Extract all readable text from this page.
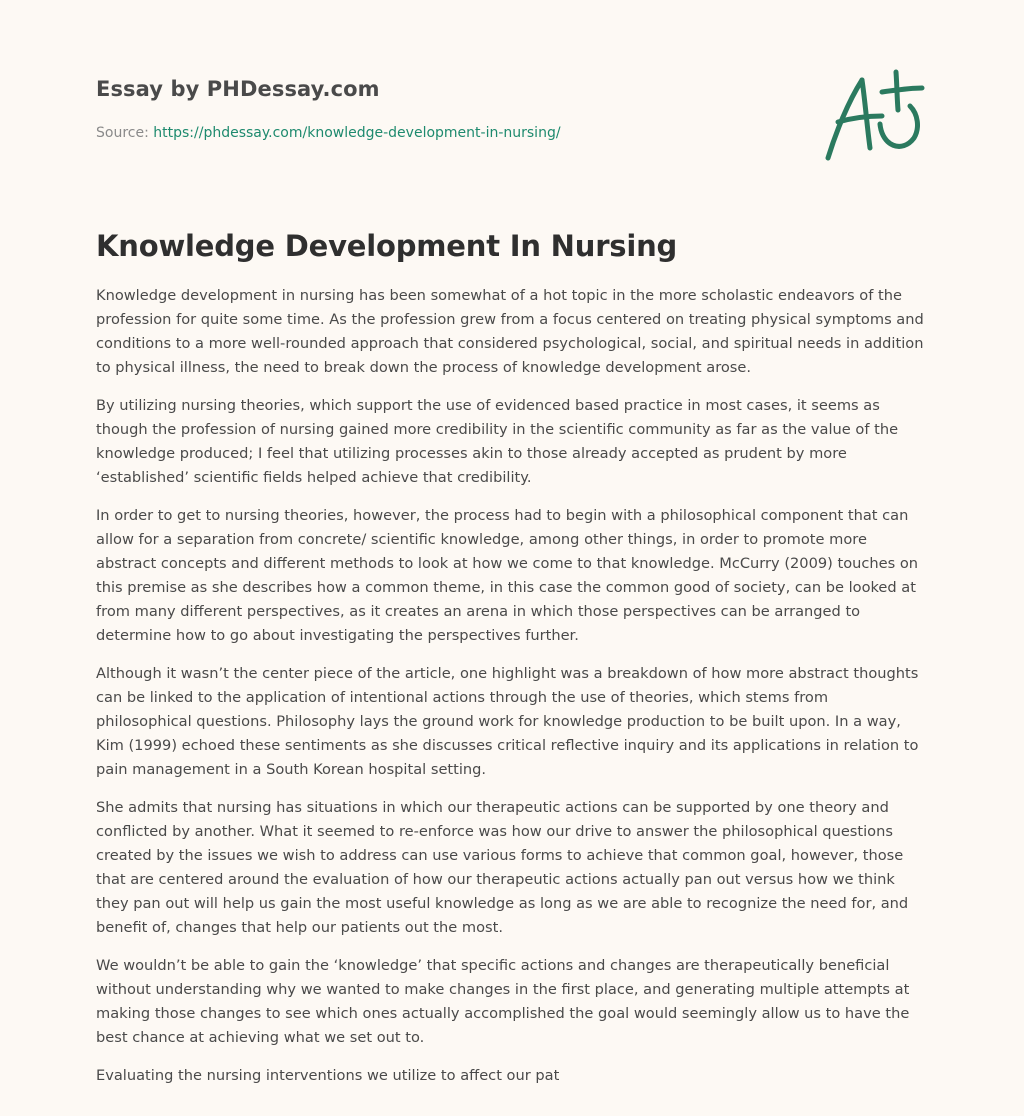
Essay by PHDessay.com
Source: https://phdessay.com/knowledge-development-in-nursing/
Knowledge Development In Nursing

Knowledge development in nursing has been somewhat of a hot topic in the more scholastic endeavors of the profession for quite some time. As the profession grew from a focus centered on treating physical symptoms and conditions to a more well-rounded approach that considered psychological, social, and spiritual needs in addition to physical illness, the need to break down the process of knowledge development arose.

By utilizing nursing theories, which support the use of evidenced based practice in most cases, it seems as though the profession of nursing gained more credibility in the scientific community as far as the value of the knowledge produced; I feel that utilizing processes akin to those already accepted as prudent by more ‘established’ scientific fields helped achieve that credibility.

In order to get to nursing theories, however, the process had to begin with a philosophical component that can allow for a separation from concrete/ scientific knowledge, among other things, in order to promote more abstract concepts and different methods to look at how we come to that knowledge. McCurry (2009) touches on this premise as she describes how a common theme, in this case the common good of society, can be looked at from many different perspectives, as it creates an arena in which those perspectives can be arranged to determine how to go about investigating the perspectives further.

Although it wasn’t the center piece of the article, one highlight was a breakdown of how more abstract thoughts can be linked to the application of intentional actions through the use of theories, which stems from philosophical questions. Philosophy lays the ground work for knowledge production to be built upon. In a way, Kim (1999) echoed these sentiments as she discusses critical reflective inquiry and its applications in relation to pain management in a South Korean hospital setting.

She admits that nursing has situations in which our therapeutic actions can be supported by one theory and conflicted by another. What it seemed to re-enforce was how our drive to answer the philosophical questions created by the issues we wish to address can use various forms to achieve that common goal, however, those that are centered around the evaluation of how our therapeutic actions actually pan out versus how we think they pan out will help us gain the most useful knowledge as long as we are able to recognize the need for, and benefit of, changes that help our patients out the most.

We wouldn’t be able to gain the ‘knowledge’ that specific actions and changes are therapeutically beneficial without understanding why we wanted to make changes in the first place, and generating multiple attempts at making those changes to see which ones actually accomplished the goal would seemingly allow us to have the best chance at achieving what we set out to.

Evaluating the nursing interventions we utilize to affect our pat
